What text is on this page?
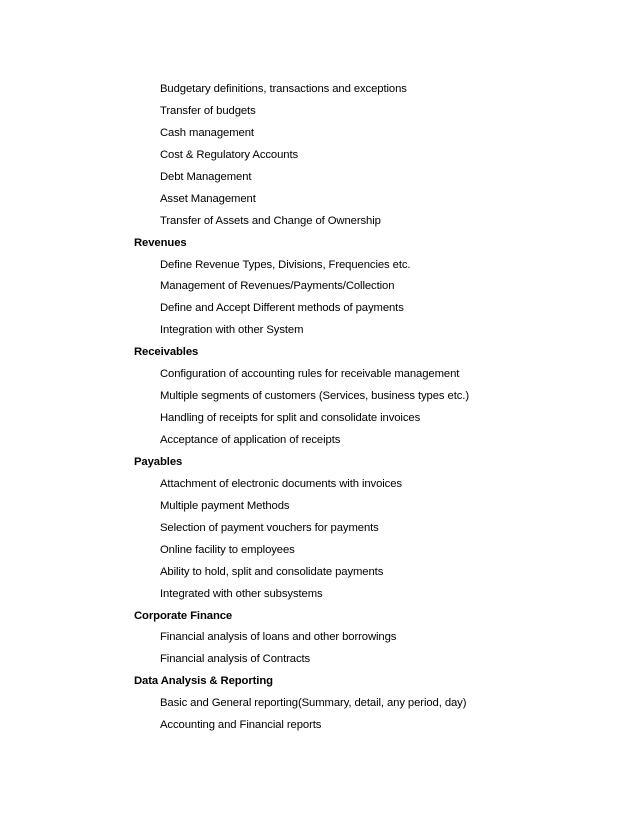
Budgetary definitions, transactions and exceptions
Transfer of budgets
Cash management
Cost & Regulatory Accounts
Debt Management
Asset Management
Transfer of Assets and Change of Ownership
Revenues
Define Revenue Types, Divisions, Frequencies etc.
Management of Revenues/Payments/Collection
Define and Accept Different methods of payments
Integration with other System
Receivables
Configuration of accounting rules for receivable management
Multiple segments of customers (Services, business types etc.)
Handling of receipts for split and consolidate invoices
Acceptance of application of receipts
Payables
Attachment of electronic documents with invoices
Multiple payment Methods
Selection of payment vouchers for payments
Online facility to employees
Ability to hold, split and consolidate payments
Integrated with other subsystems
Corporate Finance
Financial analysis of loans and other borrowings
Financial analysis of Contracts
Data Analysis & Reporting
Basic and General reporting(Summary, detail, any period, day)
Accounting and Financial reports
